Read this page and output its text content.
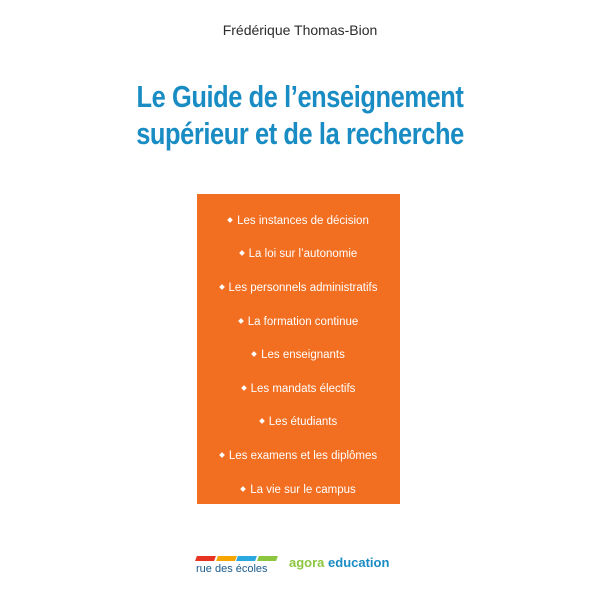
Frédérique Thomas-Bion
Le Guide de l’enseignement
supérieur et de la recherche
Les instances de décision
La loi sur l’autonomie
Les personnels administratifs
La formation continue
Les enseignants
Les mandats électifs
Les étudiants
Les examens et les diplômes
La vie sur le campus
rue des écoles	agora education
